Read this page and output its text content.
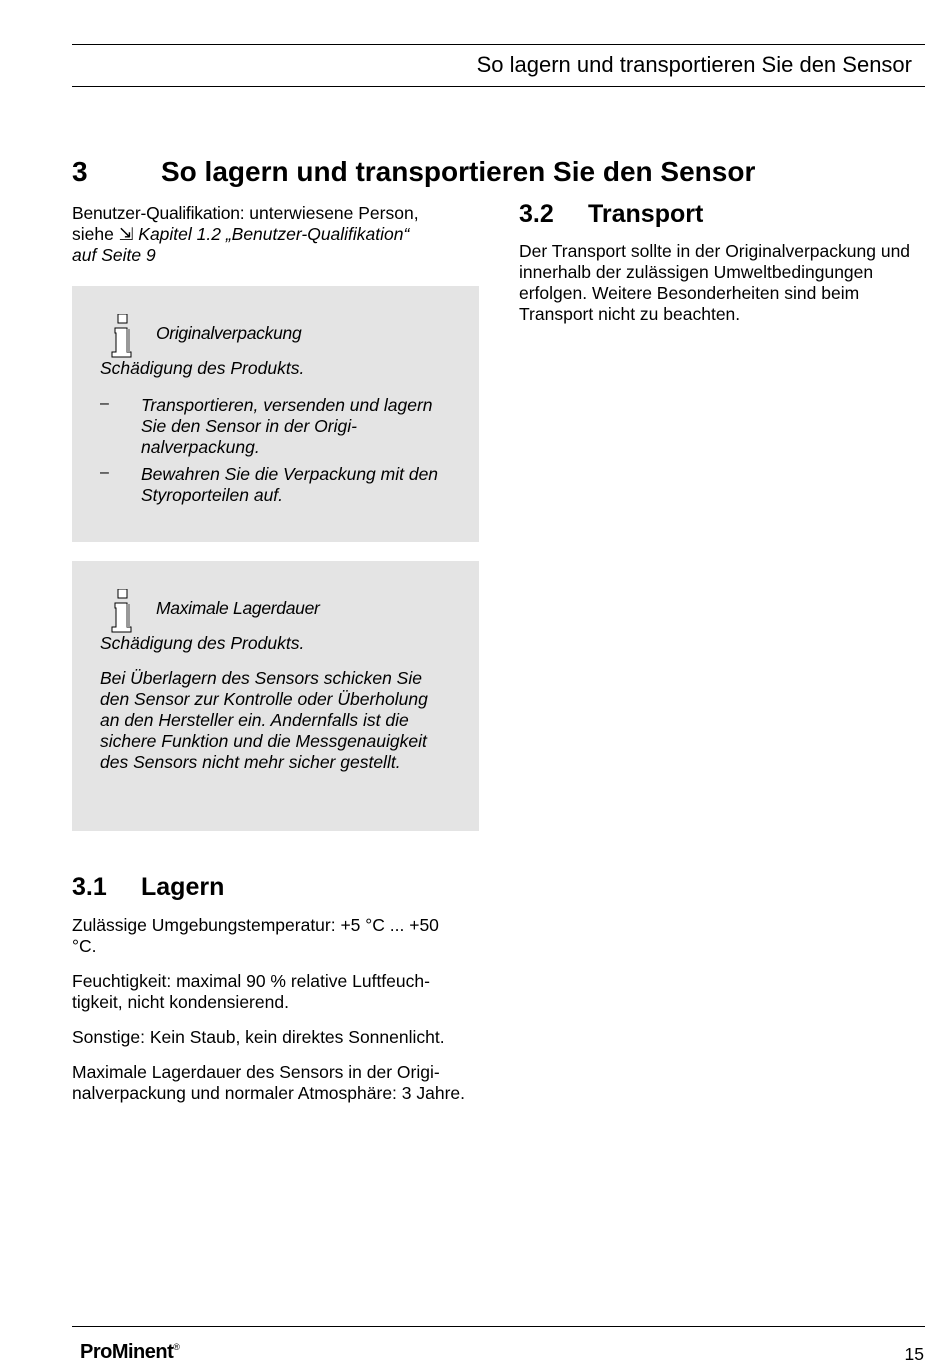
So lagern und transportieren Sie den Sensor
3	So lagern und transportieren Sie den Sensor

Benutzer-Qualifikation: unterwiesene Person,
siehe ⇲ Kapitel 1.2 „Benutzer-Qualifikation“
auf Seite 9

Originalverpackung

Schädigung des Produkts.

–	Transportieren, versenden und lagern Sie den Sensor in der Originalverpackung.

–	Bewahren Sie die Verpackung mit den Styroporteilen auf.

Maximale Lagerdauer

Schädigung des Produkts.

Bei Überlagern des Sensors schicken Sie den Sensor zur Kontrolle oder Überholung an den Hersteller ein. Andernfalls ist die sichere Funktion und die Messgenauigkeit des Sensors nicht mehr sicher gestellt.

3.1 Lagern

Zulässige Umgebungstemperatur: +5 °C ... +50 °C.

Feuchtigkeit: maximal 90 % relative Luftfeuchtigkeit, nicht kondensierend.

Sonstige: Kein Staub, kein direktes Sonnenlicht.

Maximale Lagerdauer des Sensors in der Originalverpackung und normaler Atmosphäre: 3 Jahre.

3.2 Transport

Der Transport sollte in der Originalverpackung und innerhalb der zulässigen Umweltbedingungen erfolgen. Weitere Besonderheiten sind beim Transport nicht zu beachten.

ProMinent®	15
